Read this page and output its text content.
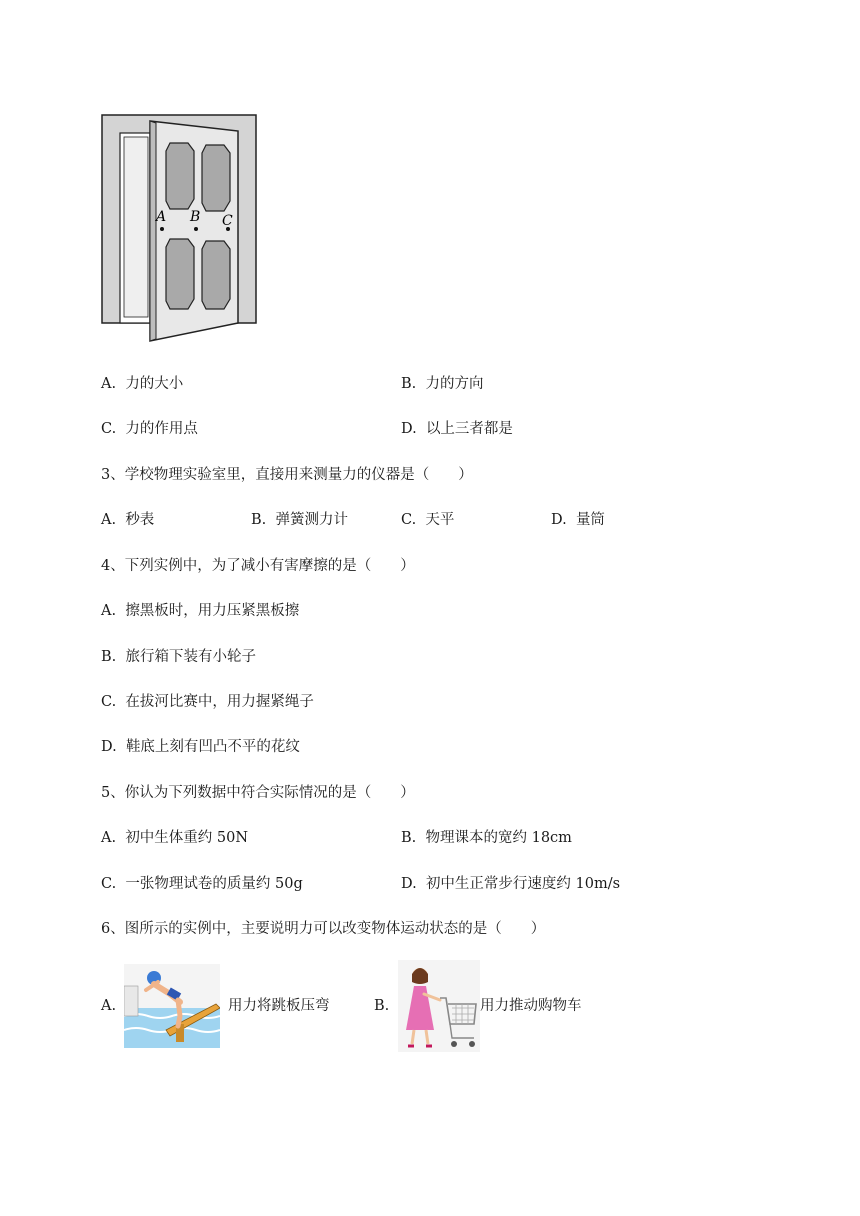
A B C
A. 力的大小	B. 力的方向
C. 力的作用点	D. 以上三者都是
3、学校物理实验室里，直接用来测量力的仪器是（　　）
A. 秒表	B. 弹簧测力计	C. 天平	D. 量筒
4、下列实例中，为了减小有害摩擦的是（　　）
A. 擦黑板时，用力压紧黑板擦
B. 旅行箱下装有小轮子
C. 在拔河比赛中，用力握紧绳子
D. 鞋底上刻有凹凸不平的花纹
5、你认为下列数据中符合实际情况的是（　　）
A. 初中生体重约 50N	B. 物理课本的宽约 18cm
C. 一张物理试卷的质量约 50g	D. 初中生正常步行速度约 10m/s
6、图所示的实例中，主要说明力可以改变物体运动状态的是（　　）
A.	用力将跳板压弯	B.	用力推动购物车
